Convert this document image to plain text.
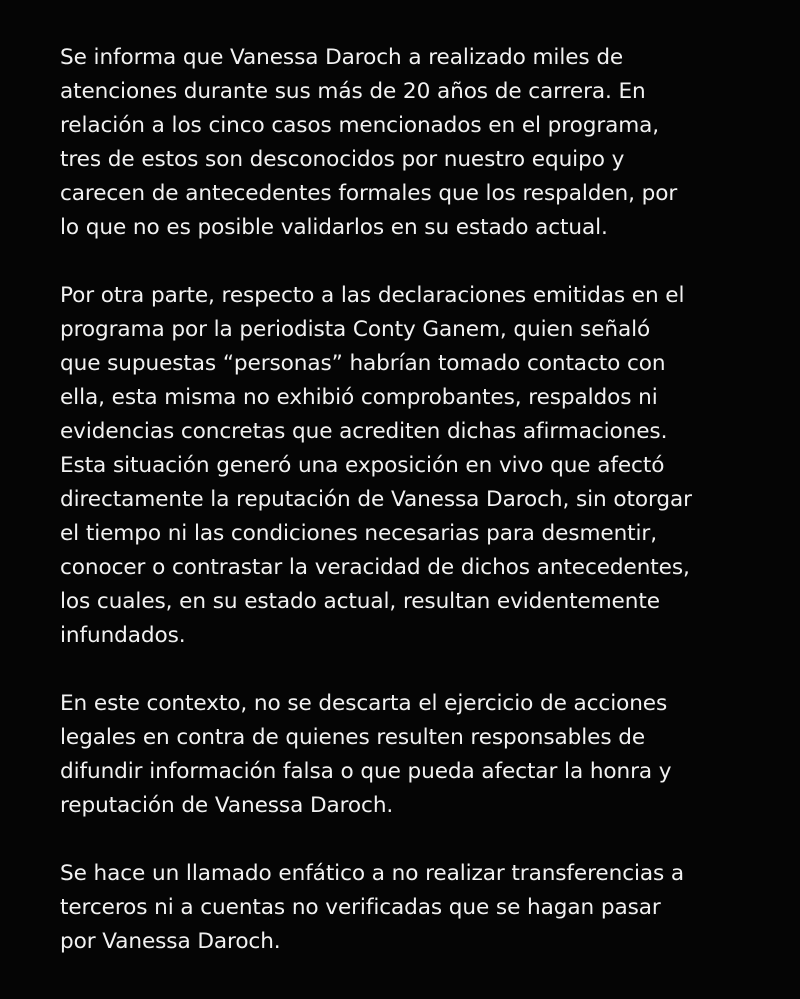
Se informa que Vanessa Daroch a realizado miles de
atenciones durante sus más de 20 años de carrera. En
relación a los cinco casos mencionados en el programa,
tres de estos son desconocidos por nuestro equipo y
carecen de antecedentes formales que los respalden, por
lo que no es posible validarlos en su estado actual.

Por otra parte, respecto a las declaraciones emitidas en el
programa por la periodista Conty Ganem, quien señaló
que supuestas “personas” habrían tomado contacto con
ella, esta misma no exhibió comprobantes, respaldos ni
evidencias concretas que acrediten dichas afirmaciones.
Esta situación generó una exposición en vivo que afectó
directamente la reputación de Vanessa Daroch, sin otorgar
el tiempo ni las condiciones necesarias para desmentir,
conocer o contrastar la veracidad de dichos antecedentes,
los cuales, en su estado actual, resultan evidentemente
infundados.

En este contexto, no se descarta el ejercicio de acciones
legales en contra de quienes resulten responsables de
difundir información falsa o que pueda afectar la honra y
reputación de Vanessa Daroch.

Se hace un llamado enfático a no realizar transferencias a
terceros ni a cuentas no verificadas que se hagan pasar
por Vanessa Daroch.
